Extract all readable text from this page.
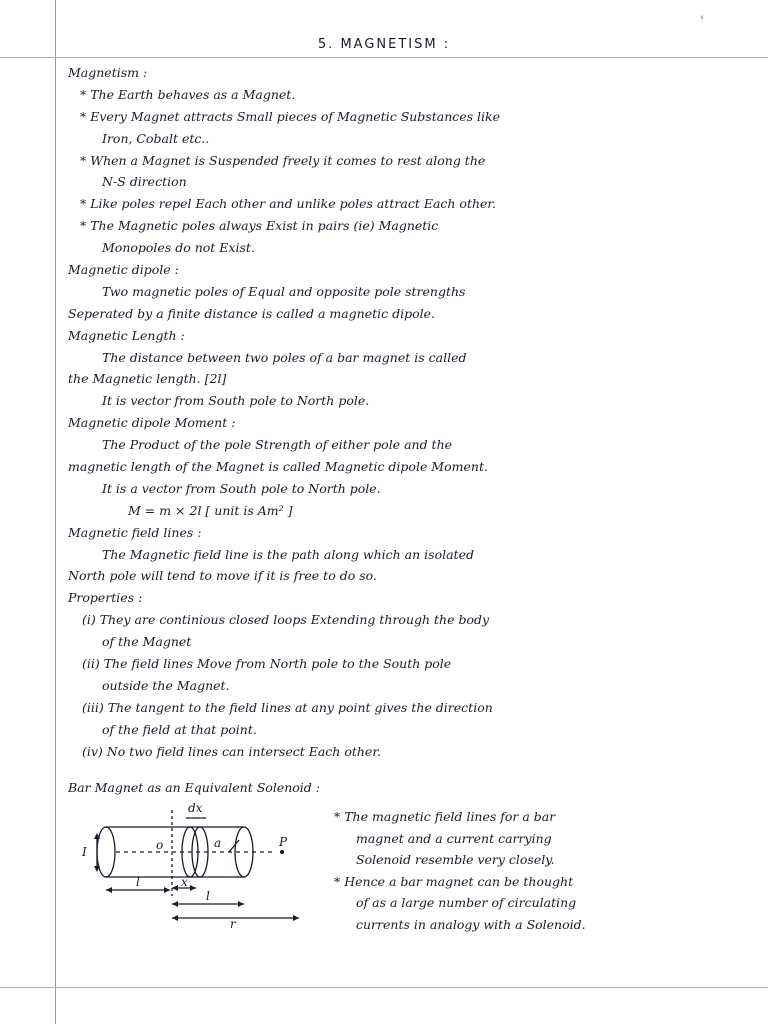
'
5. MAGNETISM :
Magnetism :
* The Earth behaves as a Magnet.
* Every Magnet attracts Small pieces of Magnetic Substances like
Iron, Cobalt etc..
* When a Magnet is Suspended freely it comes to rest along the
N-S direction
* Like poles repel Each other and unlike poles attract Each other.
* The Magnetic poles always Exist in pairs (ie) Magnetic
Monopoles do not Exist.
Magnetic dipole :
Two magnetic poles of Equal and opposite pole strengths
Seperated by a finite distance is called a magnetic dipole.
Magnetic Length :
The distance between two poles of a bar magnet is called
the Magnetic length. [2l]
It is vector from South pole to North pole.
Magnetic dipole Moment :
The Product of the pole Strength of either pole and the
magnetic length of the Magnet is called Magnetic dipole Moment.
It is a vector from South pole to North pole.
M = m × 2l [ unit is Am² ]
Magnetic field lines :
The Magnetic field line is the path along which an isolated
North pole will tend to move if it is free to do so.
Properties :
(i) They are continious closed loops Extending through the body
of the Magnet
(ii) The field lines Move from North pole to the South pole
outside the Magnet.
(iii) The tangent to the field lines at any point gives the direction
of the field at that point.
(iv) No two field lines can intersect Each other.
Bar Magnet as an Equivalent Solenoid :
dx
o	a	P
I
l	x
l
r
* The magnetic field lines for a bar
magnet and a current carrying
Solenoid resemble very closely.
* Hence a bar magnet can be thought
of as a large number of circulating
currents in analogy with a Solenoid.
